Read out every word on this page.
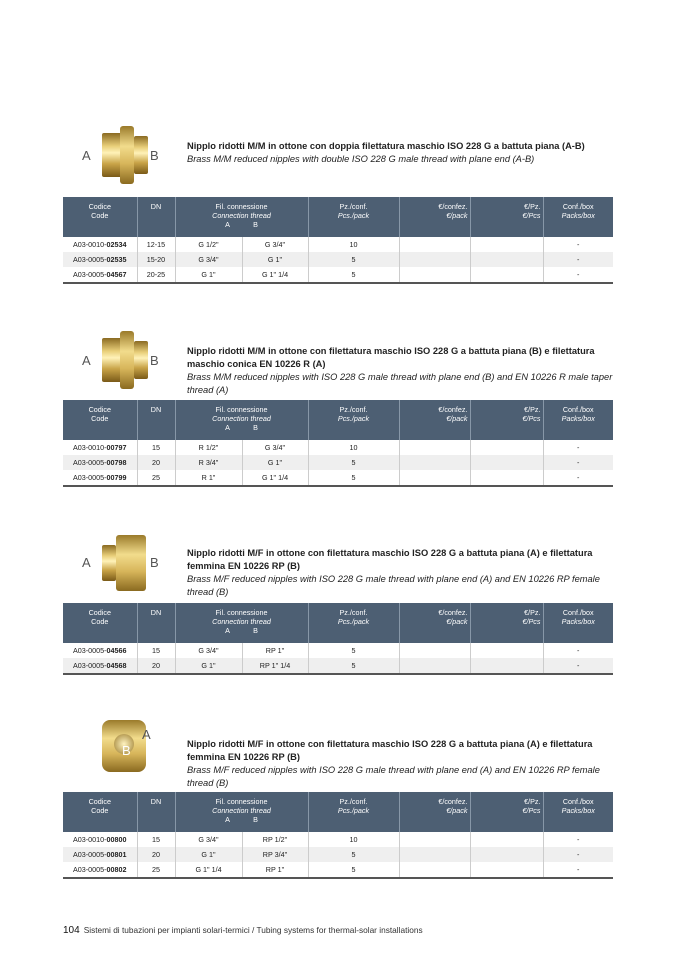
104 Sistemi di tubazioni per impianti solari-termici / Tubing systems for thermal-solar installations
A	B
Nipplo ridotti M/M in ottone con doppia filettatura maschio ISO 228 G a battuta piana (A-B)
Brass M/M reduced nipples with double ISO 228 G male thread with plane end (A-B)
Codice
Code	DN	Fil. connessione
Connection thread
A B		Pz./conf.
Pcs./pack	€/confez.
€/pack	€/Pz.
€/Pcs	Conf./box
Packs/box

A03-0010-02534	12-15	G 1/2"	G 3/4"	10			-
A03-0005-02535	15-20	G 3/4"	G 1"	5			-
A03-0005-04567	20-25	G 1"	G 1" 1/4	5			-
A	B
Nipplo ridotti M/M in ottone con filettatura maschio ISO 228 G a battuta piana (B) e filettatura maschio conica EN 10226 R (A)
Brass M/M reduced nipples with ISO 228 G male thread with plane end (B) and EN 10226 R male taper thread (A)
Codice
Code	DN	Fil. connessione
Connection thread
A B		Pz./conf.
Pcs./pack	€/confez.
€/pack	€/Pz.
€/Pcs	Conf./box
Packs/box

A03-0010-00797	15	R 1/2"	G 3/4"	10			-
A03-0005-00798	20	R 3/4"	G 1"	5			-
A03-0005-00799	25	R 1"	G 1" 1/4	5			-
A	B
Nipplo ridotti M/F in ottone con filettatura maschio ISO 228 G a battuta piana (A) e filettatura femmina EN 10226 RP (B)
Brass M/F reduced nipples with ISO 228 G male thread with plane end (A) and EN 10226 RP female thread (B)
Codice
Code	DN	Fil. connessione
Connection thread
A B		Pz./conf.
Pcs./pack	€/confez.
€/pack	€/Pz.
€/Pcs	Conf./box
Packs/box

A03-0005-04566	15	G 3/4"	RP 1"	5			-
A03-0005-04568	20	G 1"	RP 1" 1/4	5			-
A
B	Nipplo ridotti M/F in ottone con filettatura maschio ISO 228 G a battuta piana (A) e filettatura femmina EN 10226 RP (B)
Brass M/F reduced nipples with ISO 228 G male thread with plane end (A) and EN 10226 RP female thread (B)
Codice
Code	DN	Fil. connessione
Connection thread
A B		Pz./conf.
Pcs./pack	€/confez.
€/pack	€/Pz.
€/Pcs	Conf./box
Packs/box

A03-0010-00800	15	G 3/4"	RP 1/2"	10			-
A03-0005-00801	20	G 1"	RP 3/4"	5			-
A03-0005-00802	25	G 1" 1/4	RP 1"	5			-
